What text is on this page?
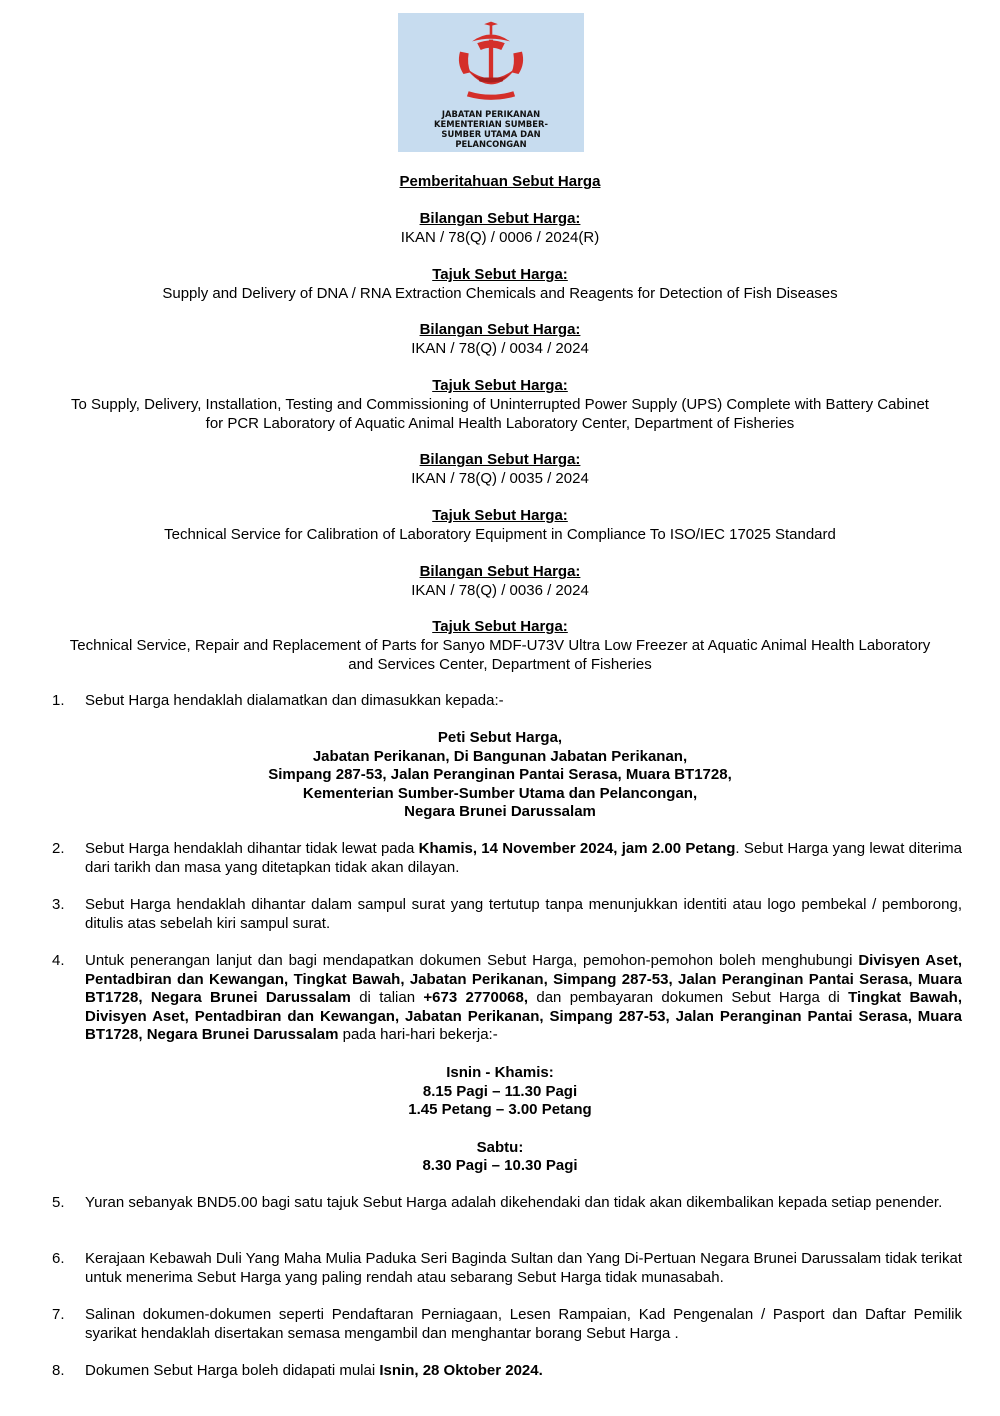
JABATAN PERIKANAN
KEMENTERIAN SUMBER-
SUMBER UTAMA DAN
PELANCONGAN
Pemberitahuan Sebut Harga
Bilangan Sebut Harga:
IKAN / 78(Q) / 0006 / 2024(R)
Tajuk Sebut Harga:
Supply and Delivery of DNA / RNA Extraction Chemicals and Reagents for Detection of Fish Diseases
Bilangan Sebut Harga:
IKAN / 78(Q) / 0034 / 2024
Tajuk Sebut Harga:
To Supply, Delivery, Installation, Testing and Commissioning of Uninterrupted Power Supply (UPS) Complete with Battery Cabinet
for PCR Laboratory of Aquatic Animal Health Laboratory Center, Department of Fisheries
Bilangan Sebut Harga:
IKAN / 78(Q) / 0035 / 2024
Tajuk Sebut Harga:
Technical Service for Calibration of Laboratory Equipment in Compliance To ISO/IEC 17025 Standard
Bilangan Sebut Harga:
IKAN / 78(Q) / 0036 / 2024
Tajuk Sebut Harga:
Technical Service, Repair and Replacement of Parts for Sanyo MDF-U73V Ultra Low Freezer at Aquatic Animal Health Laboratory
and Services Center, Department of Fisheries
1.	Sebut Harga hendaklah dialamatkan dan dimasukkan kepada:-
Peti Sebut Harga,
Jabatan Perikanan, Di Bangunan Jabatan Perikanan,
Simpang 287-53, Jalan Peranginan Pantai Serasa, Muara BT1728,
Kementerian Sumber-Sumber Utama dan Pelancongan,
Negara Brunei Darussalam
2.	Sebut Harga hendaklah dihantar tidak lewat pada Khamis, 14 November 2024, jam 2.00 Petang. Sebut Harga yang lewat diterima dari tarikh dan masa yang ditetapkan tidak akan dilayan.
3.	Sebut Harga hendaklah dihantar dalam sampul surat yang tertutup tanpa menunjukkan identiti atau logo pembekal / pemborong, ditulis atas sebelah kiri sampul surat.
4.	Untuk penerangan lanjut dan bagi mendapatkan dokumen Sebut Harga, pemohon-pemohon boleh menghubungi Divisyen Aset, Pentadbiran dan Kewangan, Tingkat Bawah, Jabatan Perikanan, Simpang 287-53, Jalan Peranginan Pantai Serasa, Muara BT1728, Negara Brunei Darussalam di talian +673 2770068, dan pembayaran dokumen Sebut Harga di Tingkat Bawah, Divisyen Aset, Pentadbiran dan Kewangan, Jabatan Perikanan, Simpang 287-53, Jalan Peranginan Pantai Serasa, Muara BT1728, Negara Brunei Darussalam pada hari-hari bekerja:-
Isnin - Khamis:
8.15 Pagi – 11.30 Pagi
1.45 Petang – 3.00 Petang
Sabtu:
8.30 Pagi – 10.30 Pagi
5.	Yuran sebanyak BND5.00 bagi satu tajuk Sebut Harga adalah dikehendaki dan tidak akan dikembalikan kepada setiap penender.
6.	Kerajaan Kebawah Duli Yang Maha Mulia Paduka Seri Baginda Sultan dan Yang Di-Pertuan Negara Brunei Darussalam tidak terikat untuk menerima Sebut Harga yang paling rendah atau sebarang Sebut Harga tidak munasabah.
7.	Salinan dokumen-dokumen seperti Pendaftaran Perniagaan, Lesen Rampaian, Kad Pengenalan / Pasport dan Daftar Pemilik syarikat hendaklah disertakan semasa mengambil dan menghantar borang Sebut Harga .
8.	Dokumen Sebut Harga boleh didapati mulai Isnin, 28 Oktober 2024.
